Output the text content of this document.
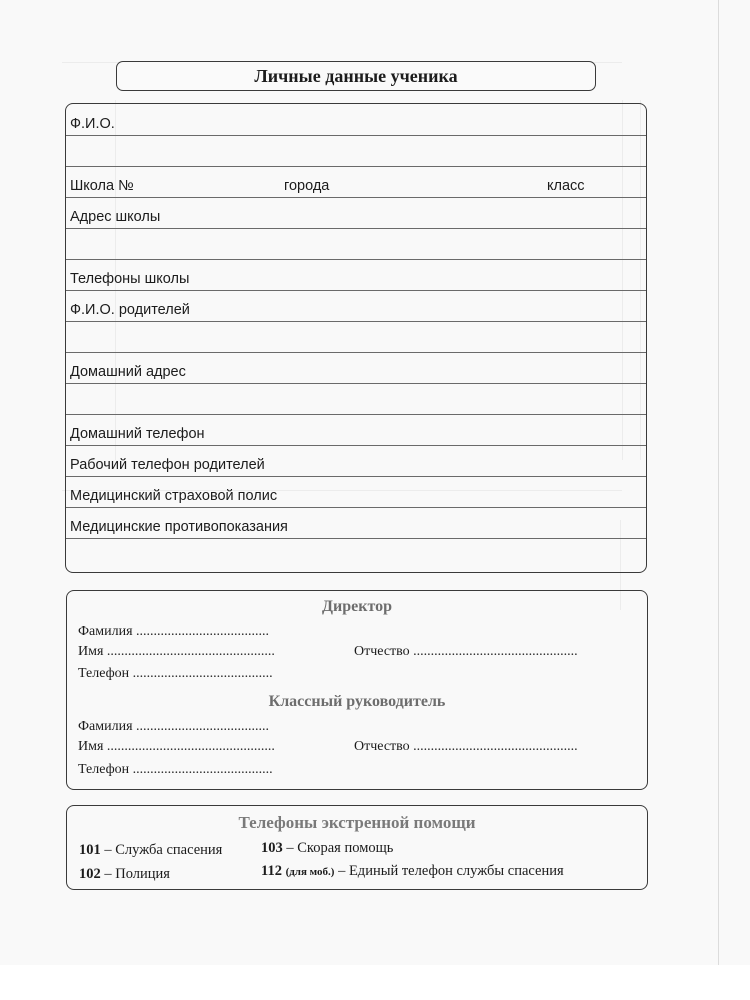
Личные данные ученика
Ф.И.О.
Школа №	города	класс
Адрес школы
Телефоны школы
Ф.И.О. родителей
Домашний адрес
Домашний телефон
Рабочий телефон родителей
Медицинский страховой полис
Медицинские противопоказания
Директор
Фамилия ......................................
Имя ................................................	Отчество ...............................................
Телефон ........................................
Классный руководитель
Фамилия ......................................
Имя ................................................	Отчество ...............................................
Телефон ........................................
Телефоны экстренной помощи
101 – Служба спасения	103 – Скорая помощь
102 – Полиция	112 (для моб.) – Единый телефон службы спасения
